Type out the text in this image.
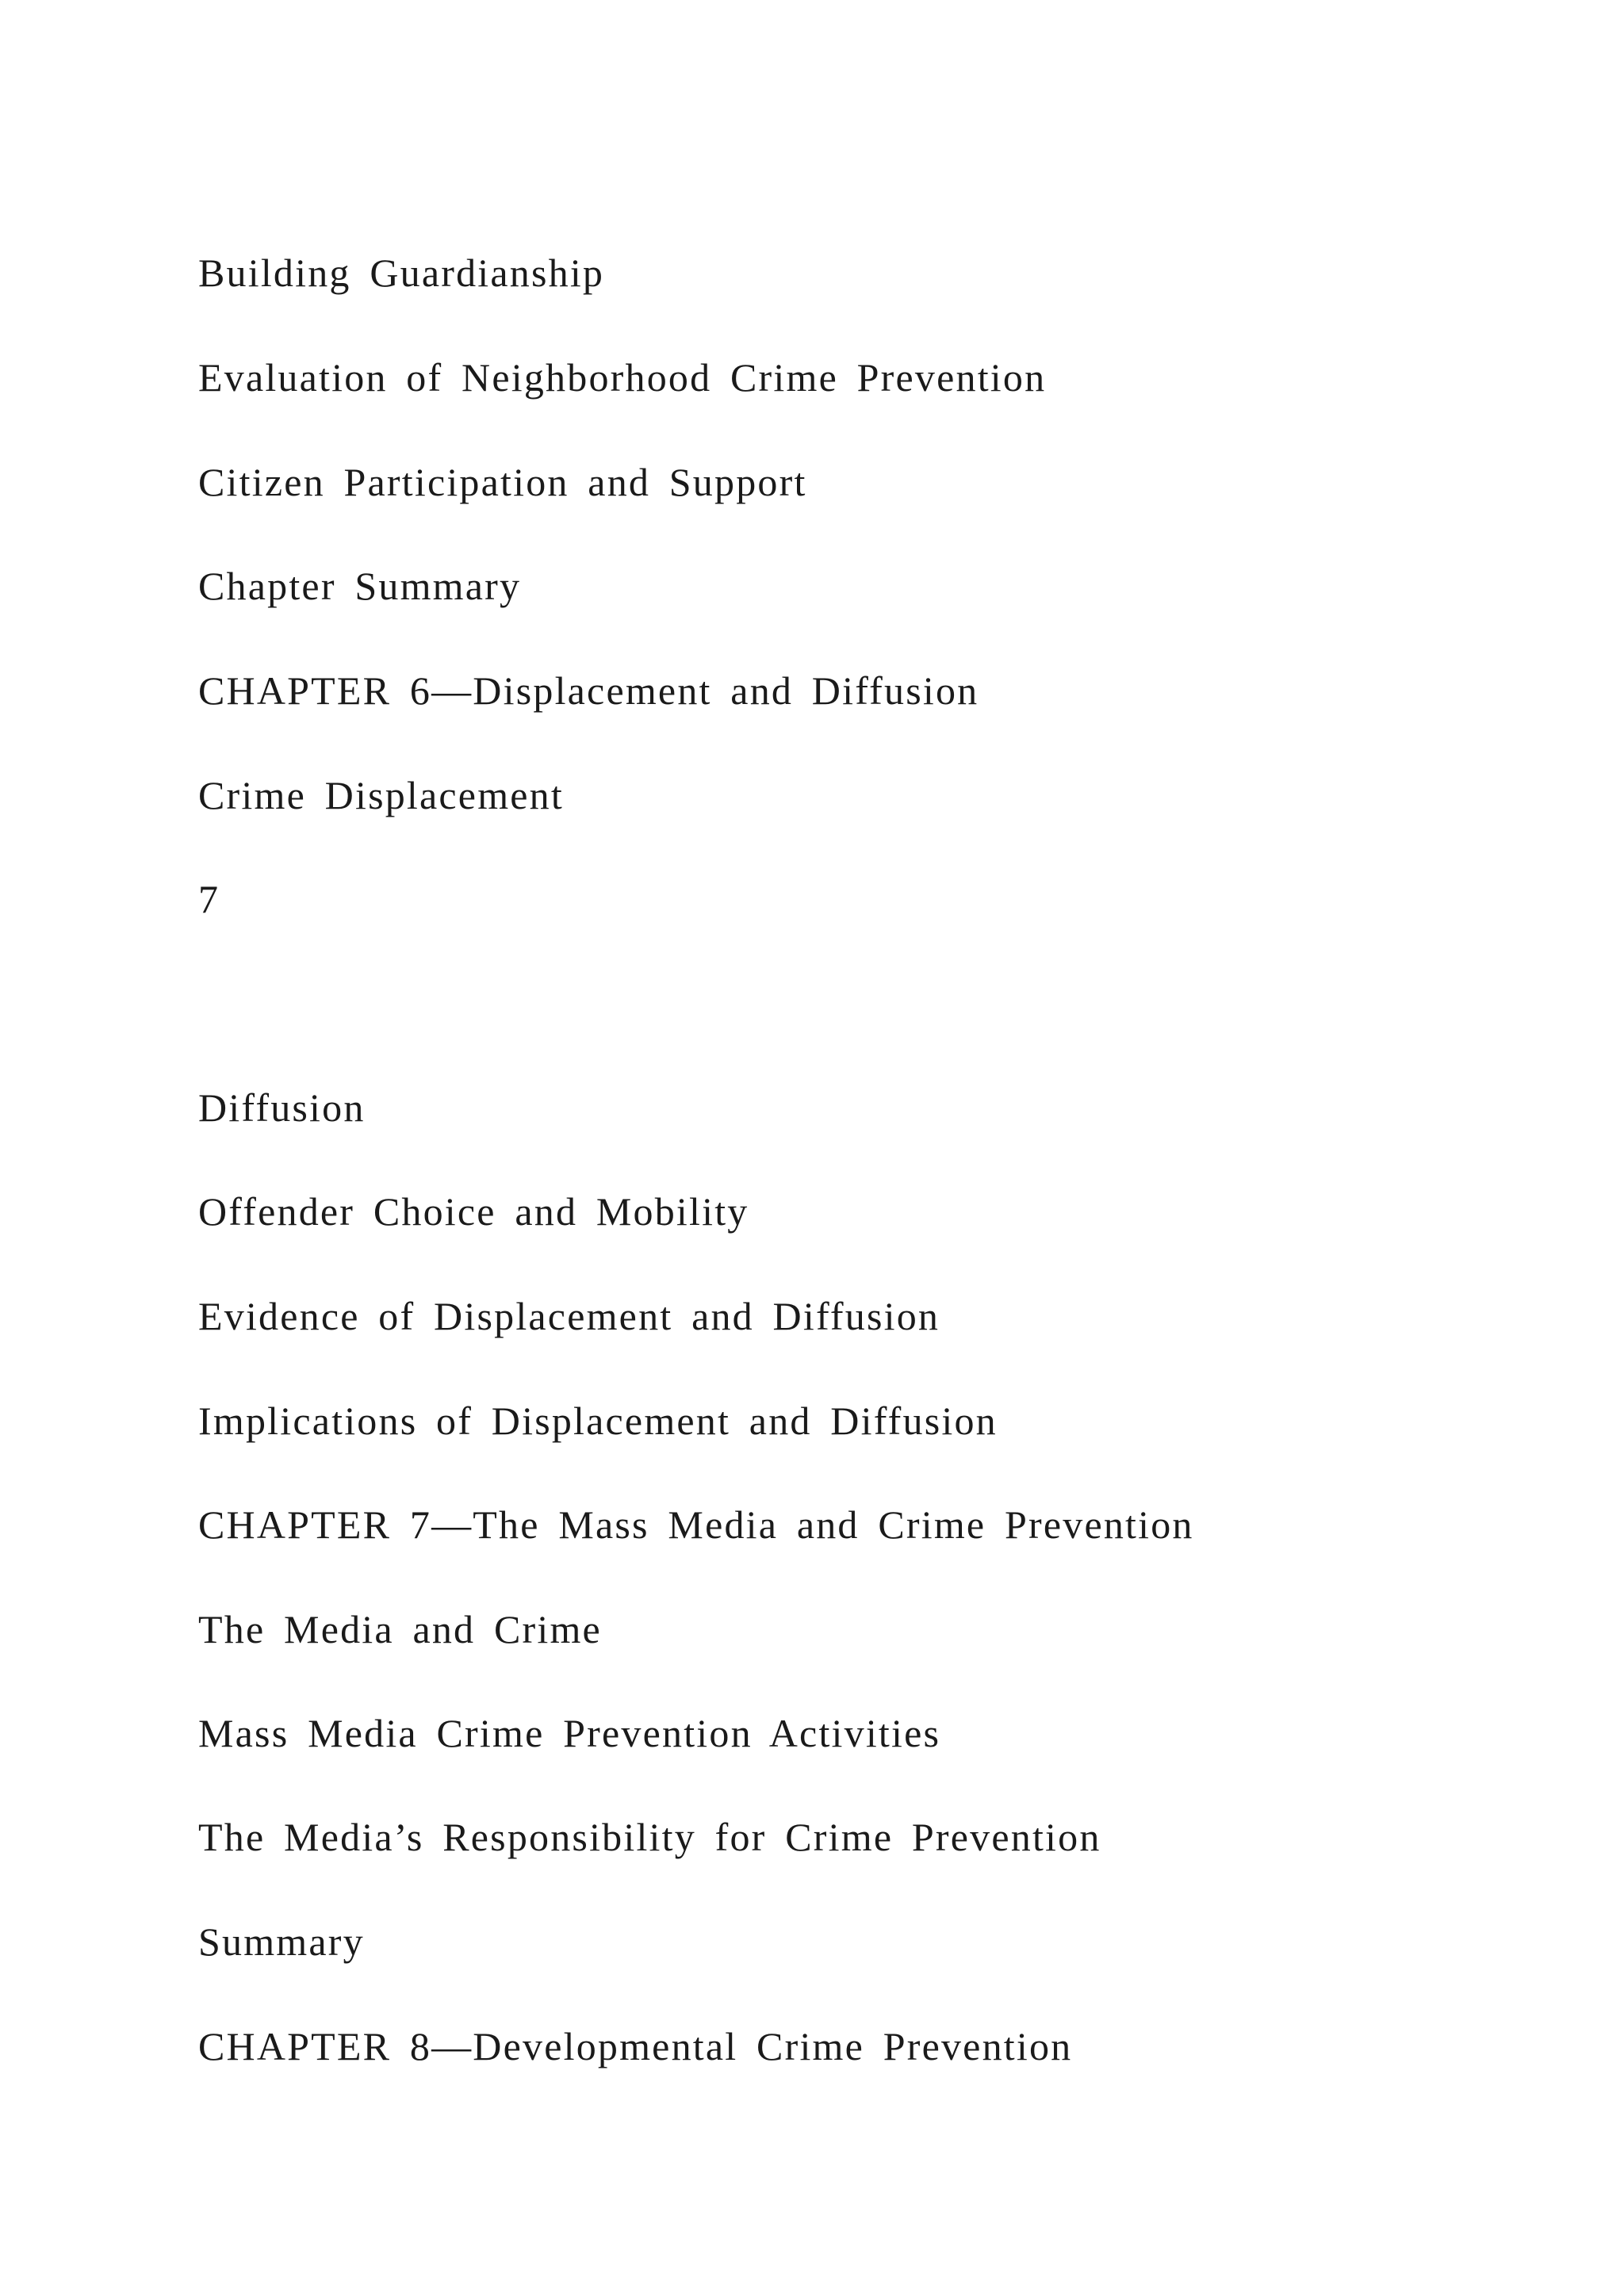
Building Guardianship

Evaluation of Neighborhood Crime Prevention

Citizen Participation and Support

Chapter Summary

CHAPTER 6—Displacement and Diffusion

Crime Displacement

7

Diffusion

Offender Choice and Mobility

Evidence of Displacement and Diffusion

Implications of Displacement and Diffusion

CHAPTER 7—The Mass Media and Crime Prevention

The Media and Crime

Mass Media Crime Prevention Activities

The Media’s Responsibility for Crime Prevention

Summary

CHAPTER 8—Developmental Crime Prevention
